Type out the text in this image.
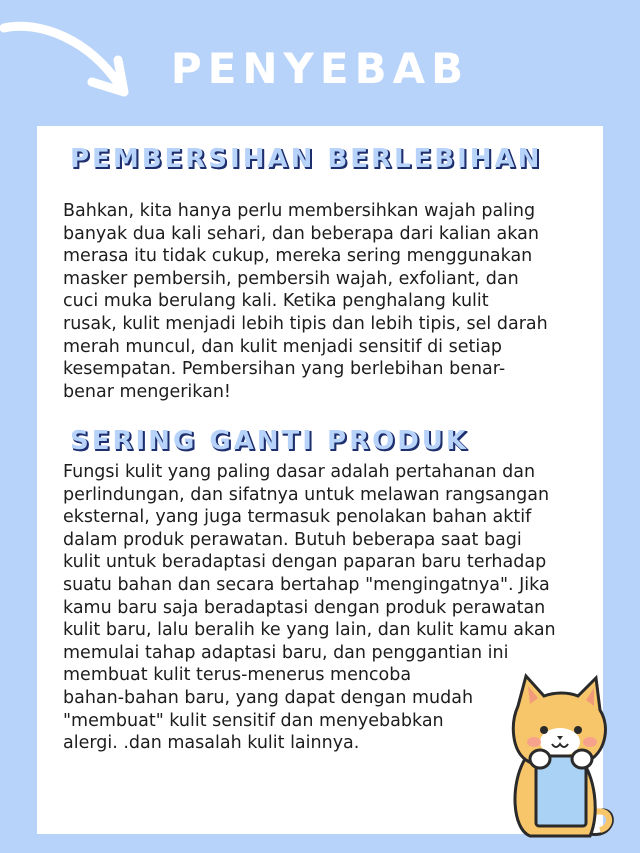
PENYEBAB
PEMBERSIHAN BERLEBIHAN

Bahkan, kita hanya perlu membersihkan wajah paling
banyak dua kali sehari, dan beberapa dari kalian akan
merasa itu tidak cukup, mereka sering menggunakan
masker pembersih, pembersih wajah, exfoliant, dan
cuci muka berulang kali. Ketika penghalang kulit
rusak, kulit menjadi lebih tipis dan lebih tipis, sel darah
merah muncul, dan kulit menjadi sensitif di setiap
kesempatan. Pembersihan yang berlebihan benar-
benar mengerikan!

SERING GANTI PRODUK

Fungsi kulit yang paling dasar adalah pertahanan dan
perlindungan, dan sifatnya untuk melawan rangsangan
eksternal, yang juga termasuk penolakan bahan aktif
dalam produk perawatan. Butuh beberapa saat bagi
kulit untuk beradaptasi dengan paparan baru terhadap
suatu bahan dan secara bertahap "mengingatnya". Jika
kamu baru saja beradaptasi dengan produk perawatan
kulit baru, lalu beralih ke yang lain, dan kulit kamu akan
memulai tahap adaptasi baru, dan penggantian ini
membuat kulit terus-menerus mencoba
bahan-bahan baru, yang dapat dengan mudah
"membuat" kulit sensitif dan menyebabkan
alergi. .dan masalah kulit lainnya.
